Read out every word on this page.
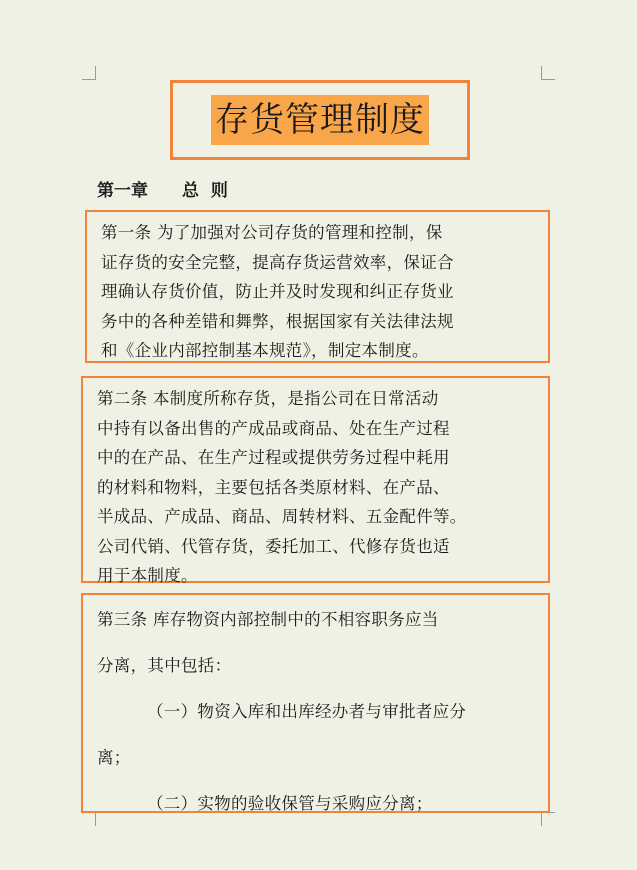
存货管理制度
第一章　　总  则
第一条 为了加强对公司存货的管理和控制，保
证存货的安全完整，提高存货运营效率，保证合
理确认存货价值，防止并及时发现和纠正存货业
务中的各种差错和舞弊，根据国家有关法律法规
和《企业内部控制基本规范》，制定本制度。
第二条 本制度所称存货，是指公司在日常活动
中持有以备出售的产成品或商品、处在生产过程
中的在产品、在生产过程或提供劳务过程中耗用
的材料和物料，主要包括各类原材料、在产品、
半成品、产成品、商品、周转材料、五金配件等。
公司代销、代管存货，委托加工、代修存货也适
用于本制度。
第三条 库存物资内部控制中的不相容职务应当
分离，其中包括：
（一）物资入库和出库经办者与审批者应分
离；
（二）实物的验收保管与采购应分离；
